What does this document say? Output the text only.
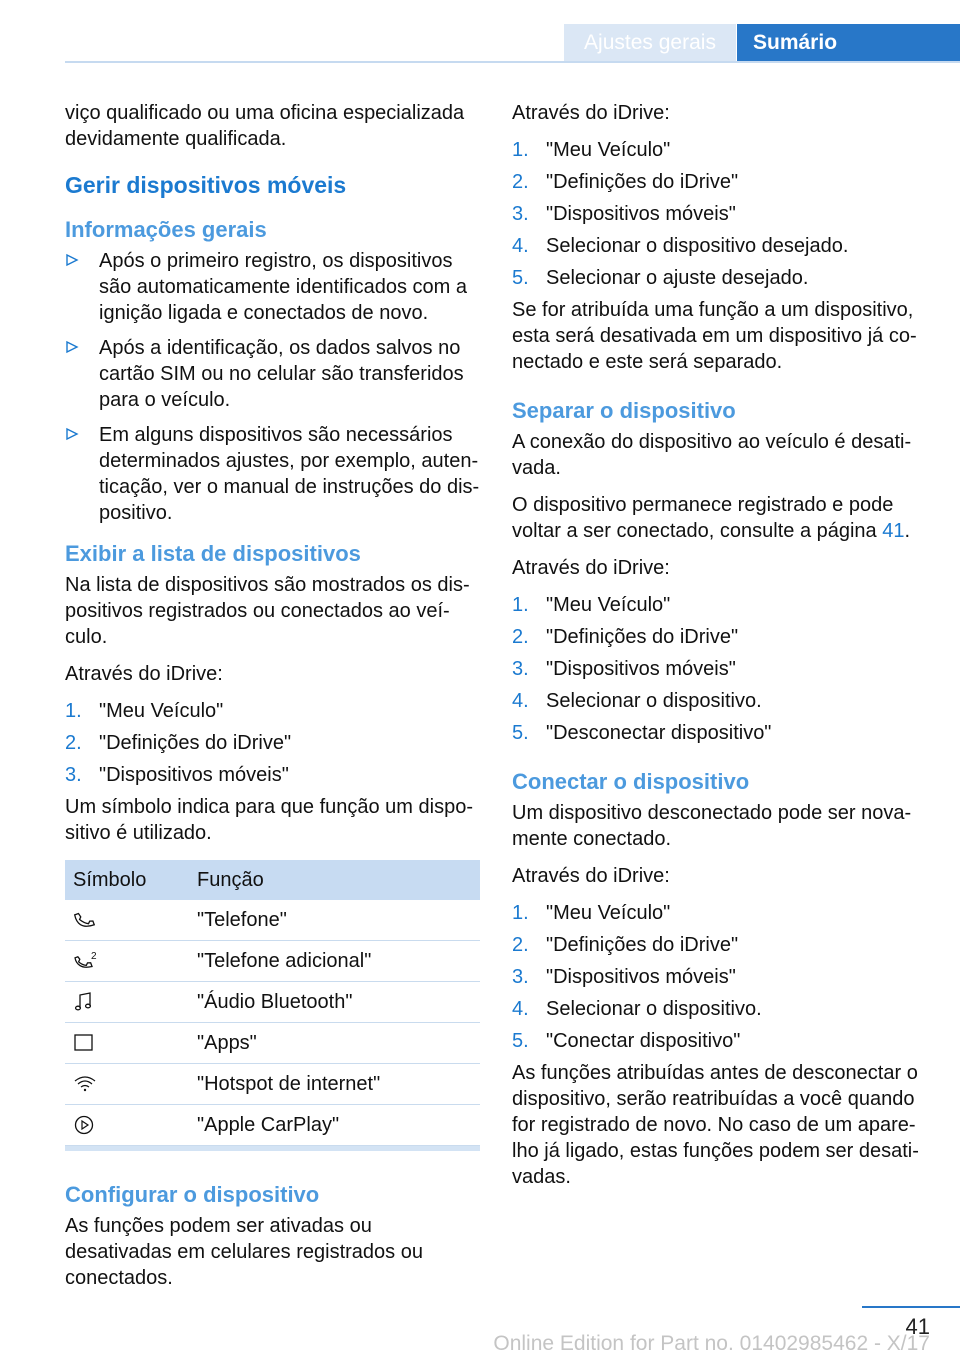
Ajustes gerais	Sumário

viço qualificado ou uma oficina especializada devidamente qualificada.

Gerir dispositivos móveis
Informações gerais
Após o primeiro registro, os dispositivos são automaticamente identificados com a ignição ligada e conectados de novo.
Após a identificação, os dados salvos no cartão SIM ou no celular são transferidos para o veículo.
Em alguns dispositivos são necessários determinados ajustes, por exemplo, autenticação, ver o manual de instruções do dispositivo.
Exibir a lista de dispositivos

Na lista de dispositivos são mostrados os dispositivos registrados ou conectados ao veículo.

Através do iDrive:

1. "Meu Veículo"
2. "Definições do iDrive"
3. "Dispositivos móveis"

Um símbolo indica para que função um dispositivo é utilizado.

Símbolo	Função

	"Telefone"

2	"Telefone adicional"

	"Áudio Bluetooth"

	"Apps"

	"Hotspot de internet"

	"Apple CarPlay"
Configurar o dispositivo

As funções podem ser ativadas ou desativadas em celulares registrados ou conectados.

Através do iDrive:

1. "Meu Veículo"
2. "Definições do iDrive"
3. "Dispositivos móveis"
4. Selecionar o dispositivo desejado.
5. Selecionar o ajuste desejado.

Se for atribuída uma função a um dispositivo, esta será desativada em um dispositivo já conectado e este será separado.

Separar o dispositivo

A conexão do dispositivo ao veículo é desativada.

O dispositivo permanece registrado e pode voltar a ser conectado, consulte a página 41.

Através do iDrive:

1. "Meu Veículo"
2. "Definições do iDrive"
3. "Dispositivos móveis"
4. Selecionar o dispositivo.
5. "Desconectar dispositivo"
Conectar o dispositivo

Um dispositivo desconectado pode ser novamente conectado.

Através do iDrive:

1. "Meu Veículo"
2. "Definições do iDrive"
3. "Dispositivos móveis"
4. Selecionar o dispositivo.
5. "Conectar dispositivo"

As funções atribuídas antes de desconectar o dispositivo, serão reatribuídas a você quando for registrado de novo. No caso de um aparelho já ligado, estas funções podem ser desativadas.

41
Online Edition for Part no. 01402985462 - X/17
